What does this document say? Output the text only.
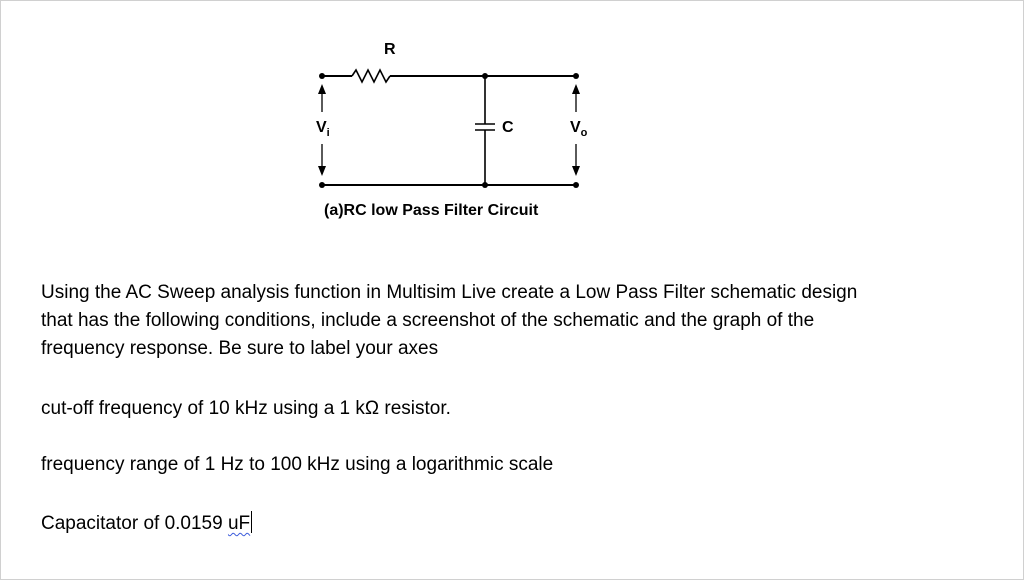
R
C
$V_i$	$V_o$
(a)RC low Pass Filter Circuit
Using the AC Sweep analysis function in Multisim Live create a Low Pass Filter schematic design
that has the following conditions, include a screenshot of the schematic and the graph of the
frequency response. Be sure to label your axes
cut-off frequency of 10 kHz using a 1 kΩ resistor.
frequency range of 1 Hz to 100 kHz using a logarithmic scale
Capacitator of 0.0159 uF
